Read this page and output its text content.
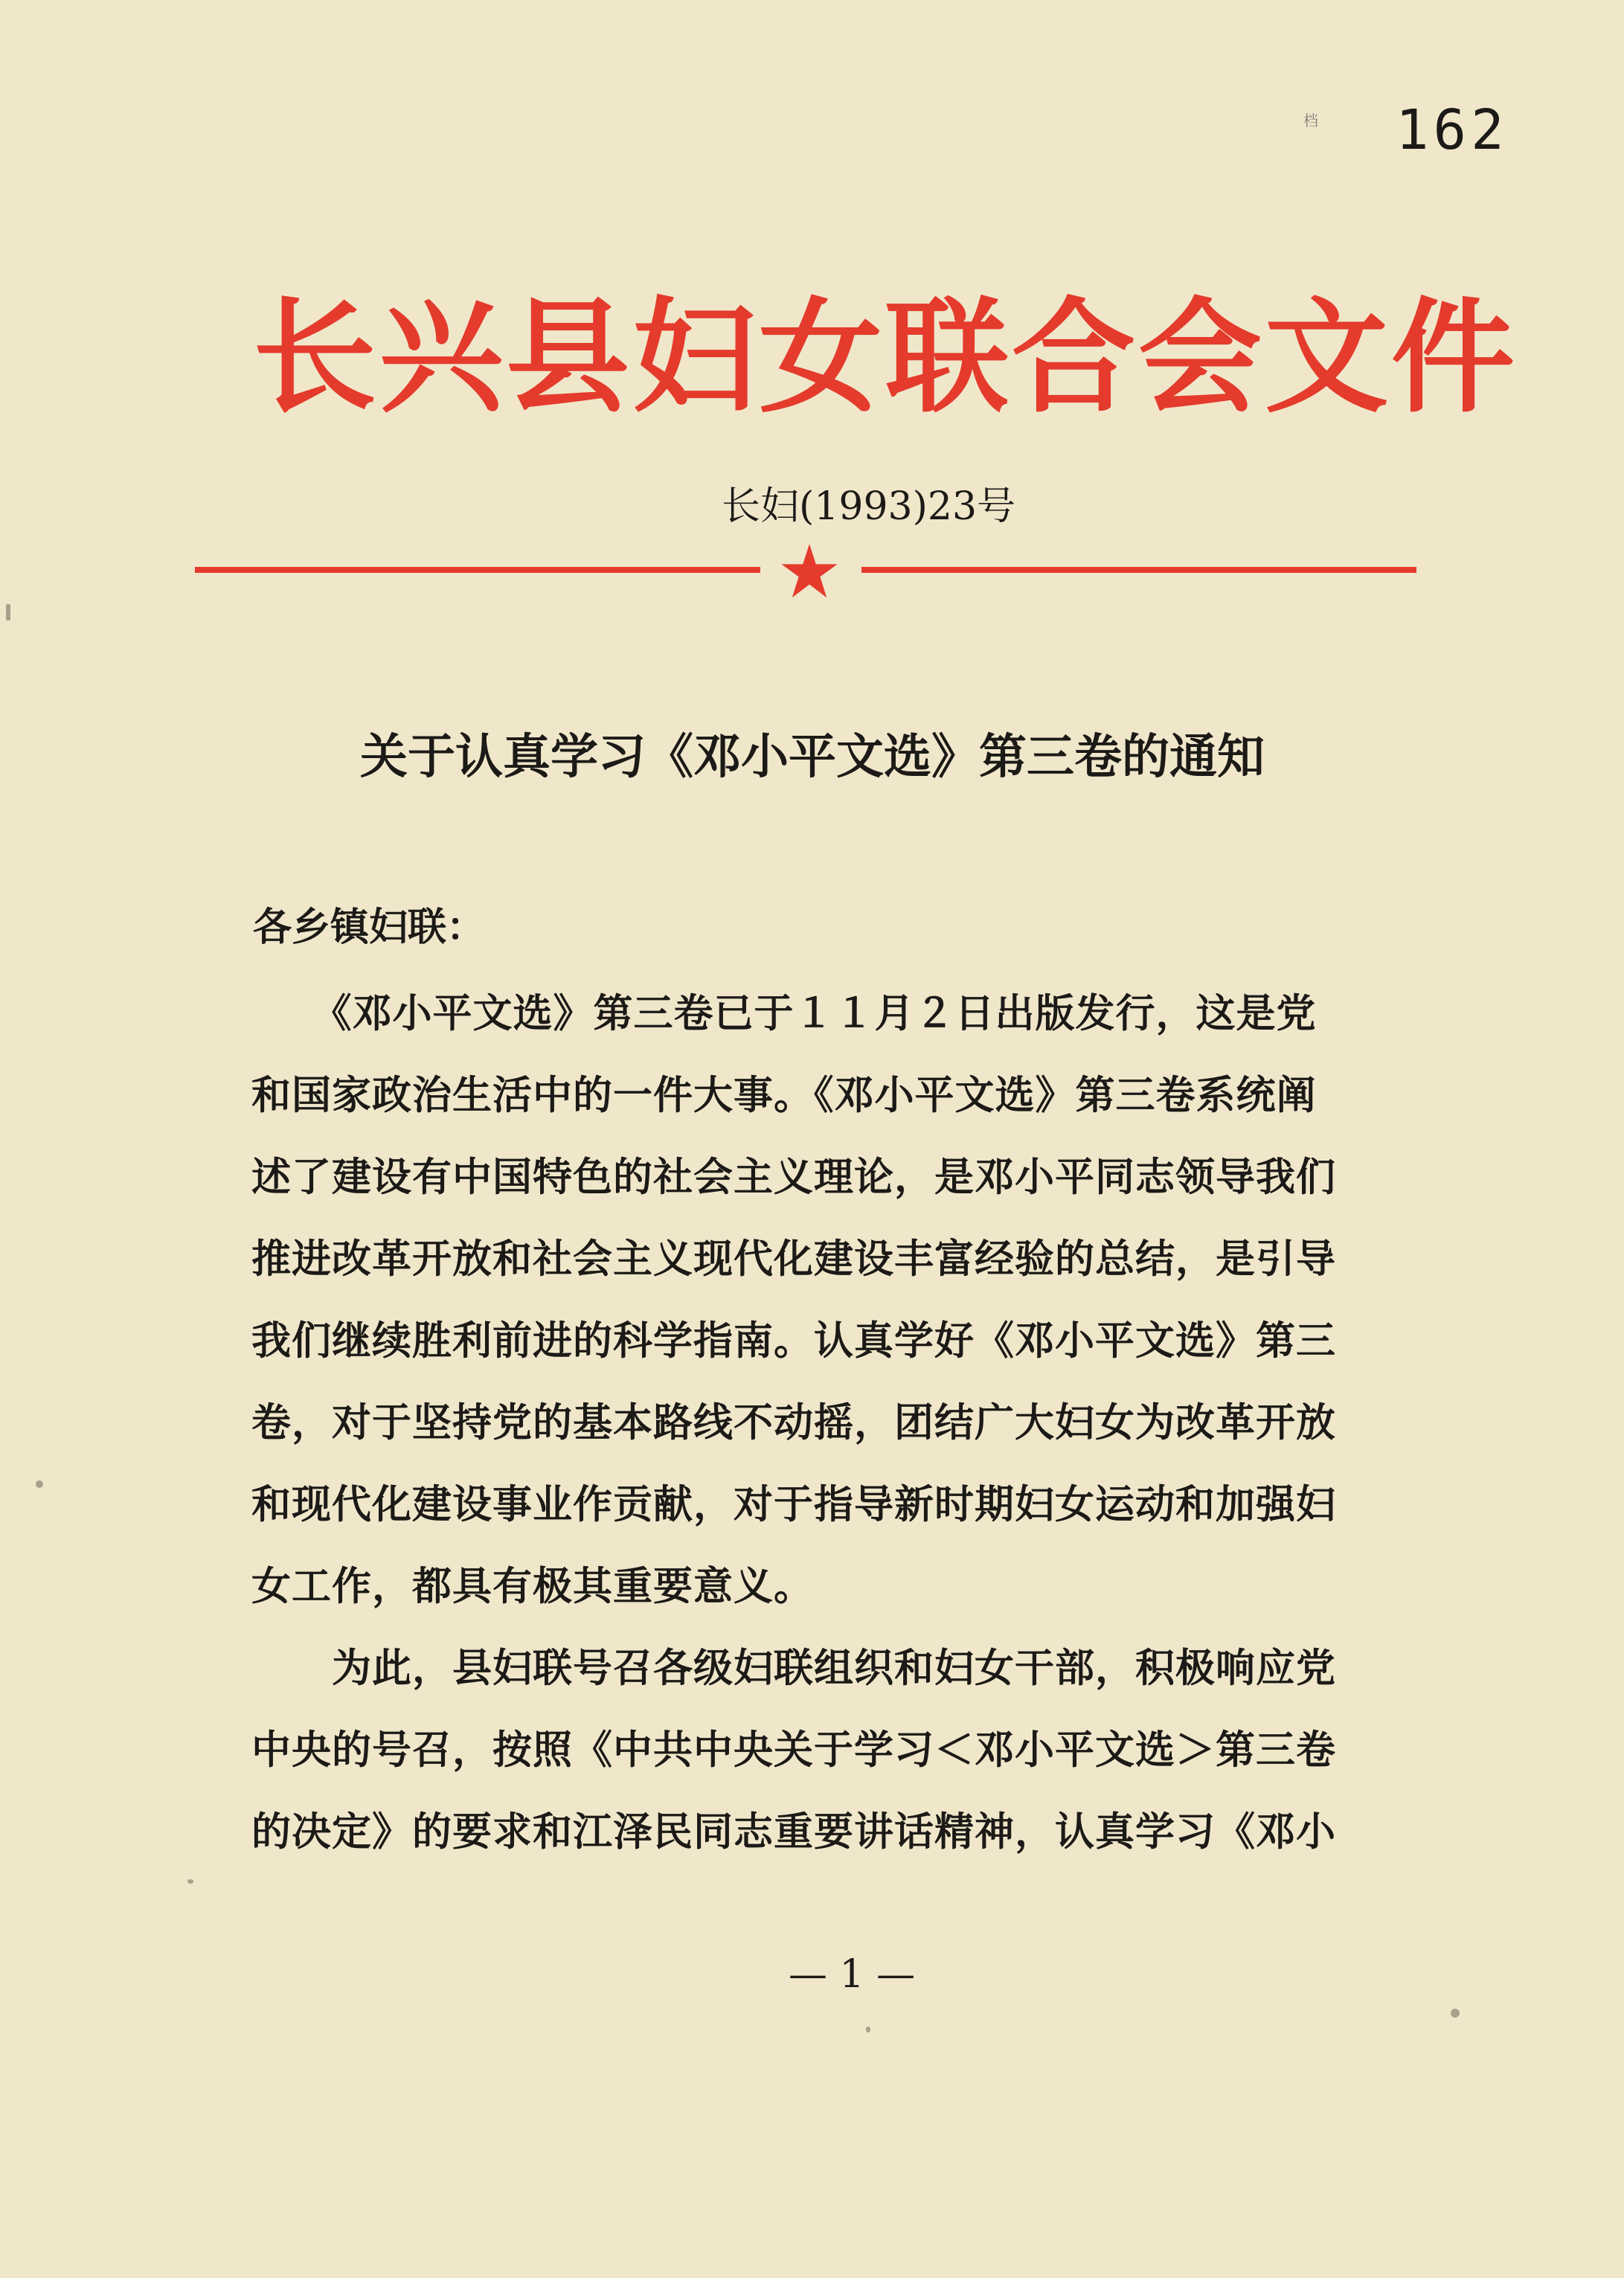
档	162
长兴县妇女联合会文件
长妇(1993)23号
关于认真学习《邓小平文选》第三卷的通知
各乡镇妇联：
　　《邓小平文选》第三卷已于１１月２日出版发行，这是党
和国家政治生活中的一件大事。《邓小平文选》第三卷系统阐
述了建设有中国特色的社会主义理论，是邓小平同志领导我们
推进改革开放和社会主义现代化建设丰富经验的总结，是引导
我们继续胜利前进的科学指南。认真学好《邓小平文选》第三
卷，对于坚持党的基本路线不动摇，团结广大妇女为改革开放
和现代化建设事业作贡献，对于指导新时期妇女运动和加强妇
女工作，都具有极其重要意义。
　　为此，县妇联号召各级妇联组织和妇女干部，积极响应党
中央的号召，按照《中共中央关于学习＜邓小平文选＞第三卷
的决定》的要求和江泽民同志重要讲话精神，认真学习《邓小
— 1 —
